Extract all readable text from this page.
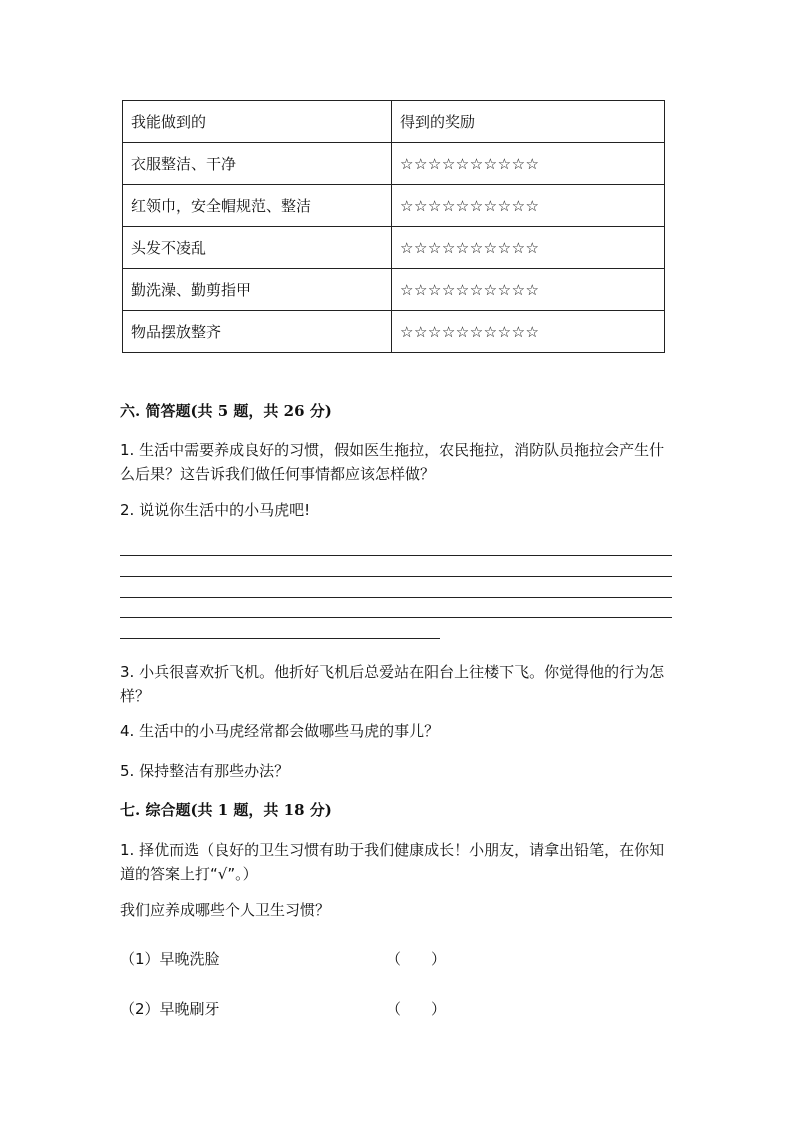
我能做到的	得到的奖励
衣服整洁、干净	☆☆☆☆☆☆☆☆☆☆
红领巾，安全帽规范、整洁	☆☆☆☆☆☆☆☆☆☆
头发不凌乱	☆☆☆☆☆☆☆☆☆☆
勤洗澡、勤剪指甲	☆☆☆☆☆☆☆☆☆☆
物品摆放整齐	☆☆☆☆☆☆☆☆☆☆
六. 简答题(共 5 题，共 26 分)
1. 生活中需要养成良好的习惯，假如医生拖拉，农民拖拉，消防队员拖拉会产生什么后果？这告诉我们做任何事情都应该怎样做？
2. 说说你生活中的小马虎吧!
3. 小兵很喜欢折飞机。他折好飞机后总爱站在阳台上往楼下飞。你觉得他的行为怎样？
4. 生活中的小马虎经常都会做哪些马虎的事儿？
5. 保持整洁有那些办法？
七. 综合题(共 1 题，共 18 分)
1. 择优而选（良好的卫生习惯有助于我们健康成长！小朋友，请拿出铅笔，在你知道的答案上打“√”。）
我们应养成哪些个人卫生习惯？
（1）早晚洗脸	（　　）
（2）早晚刷牙	（　　）
